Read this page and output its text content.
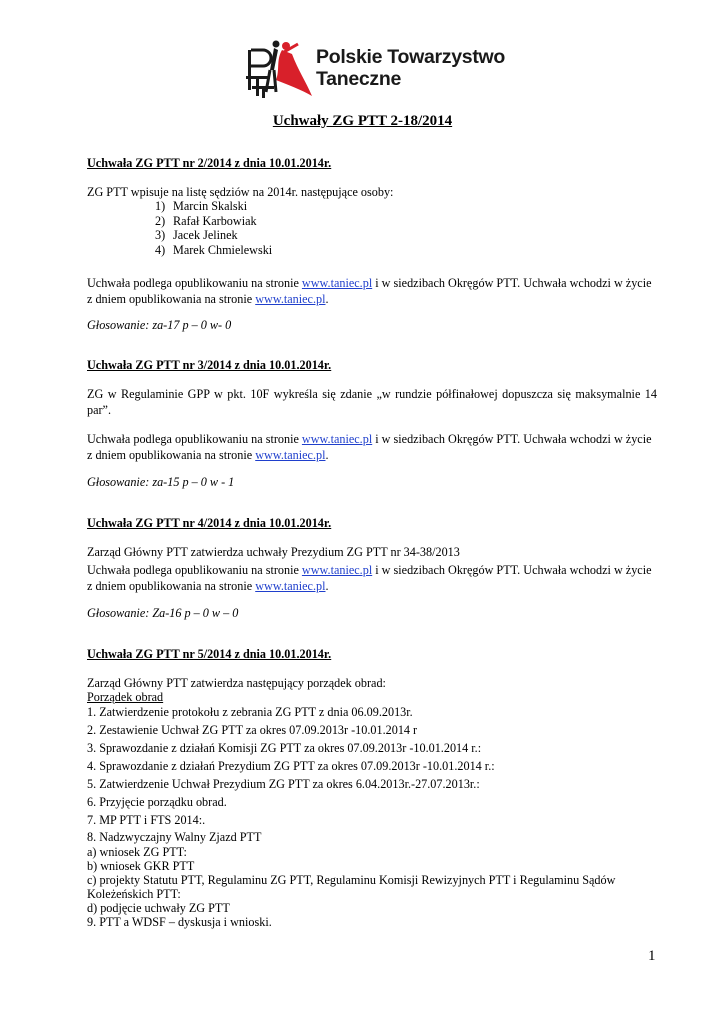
Polskie Towarzystwo
Taneczne
Uchwały ZG PTT 2-18/2014
Uchwała ZG PTT nr 2/2014 z dnia 10.01.2014r.
ZG PTT wpisuje na listę sędziów na 2014r. następujące osoby:
1) Marcin Skalski
2) Rafał Karbowiak
3) Jacek Jelinek
4) Marek Chmielewski
Uchwała podlega opublikowaniu na stronie www.taniec.pl i w siedzibach Okręgów PTT. Uchwała wchodzi w życie z dniem opublikowania na stronie www.taniec.pl.
Głosowanie: za-17 p – 0 w- 0
Uchwała ZG PTT nr 3/2014 z dnia 10.01.2014r.
ZG w Regulaminie GPP w pkt. 10F wykreśla się zdanie „w rundzie półfinałowej dopuszcza się maksymalnie 14 par”.
Uchwała podlega opublikowaniu na stronie www.taniec.pl i w siedzibach Okręgów PTT. Uchwała wchodzi w życie z dniem opublikowania na stronie www.taniec.pl.
Głosowanie: za-15 p – 0 w - 1
Uchwała ZG PTT nr 4/2014 z dnia 10.01.2014r.
Zarząd Główny PTT zatwierdza uchwały Prezydium ZG PTT nr 34-38/2013
Uchwała podlega opublikowaniu na stronie www.taniec.pl i w siedzibach Okręgów PTT. Uchwała wchodzi w życie z dniem opublikowania na stronie www.taniec.pl.
Głosowanie: Za-16 p – 0 w – 0
Uchwała ZG PTT nr 5/2014 z dnia 10.01.2014r.
Zarząd Główny PTT zatwierdza następujący porządek obrad:
Porządek obrad
1. Zatwierdzenie protokołu z zebrania ZG PTT z dnia 06.09.2013r.
2. Zestawienie Uchwał ZG PTT za okres 07.09.2013r -10.01.2014 r
3. Sprawozdanie z działań Komisji ZG PTT za okres 07.09.2013r -10.01.2014 r.:
4. Sprawozdanie z działań Prezydium ZG PTT za okres 07.09.2013r -10.01.2014 r.:
5. Zatwierdzenie Uchwał Prezydium ZG PTT za okres 6.04.2013r.-27.07.2013r.:
6. Przyjęcie porządku obrad.
7. MP PTT i FTS 2014:.
8. Nadzwyczajny Walny Zjazd PTT
a) wniosek ZG PTT:
b) wniosek GKR PTT
c) projekty Statutu PTT, Regulaminu ZG PTT, Regulaminu Komisji Rewizyjnych PTT i Regulaminu Sądów Koleżeńskich PTT:
d) podjęcie uchwały ZG PTT
9. PTT a WDSF – dyskusja i wnioski.
1
